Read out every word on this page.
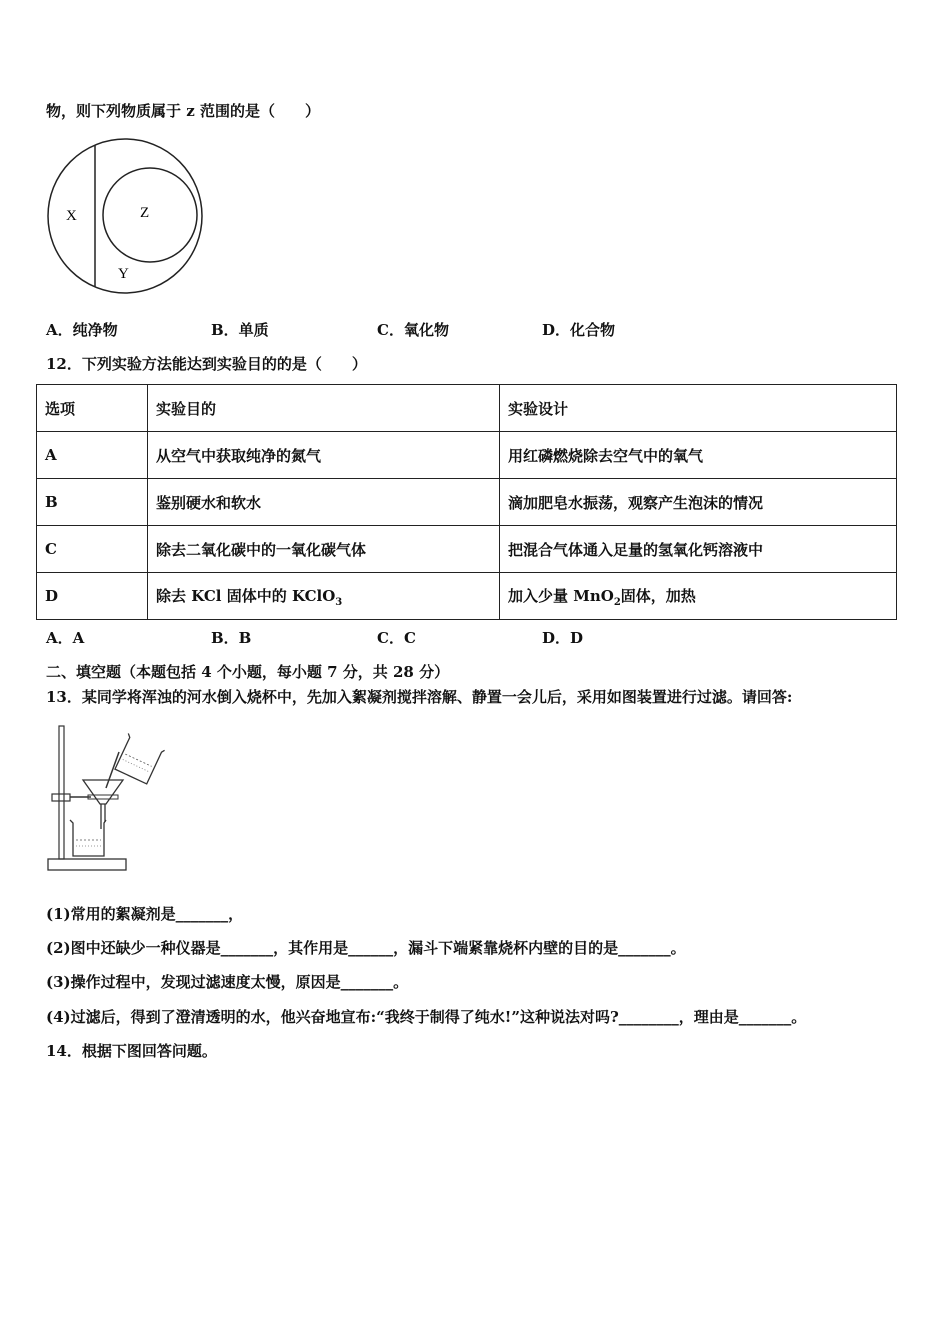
物，则下列物质属于 z 范围的是（　　）
X	Z
Y
A．纯净物	B．单质	C．氧化物	D．化合物
12．下列实验方法能达到实验目的的是（　　）
选项	实验目的	实验设计
A	从空气中获取纯净的氮气	用红磷燃烧除去空气中的氧气
B	鉴别硬水和软水	滴加肥皂水振荡，观察产生泡沫的情况
C	除去二氧化碳中的一氧化碳气体	把混合气体通入足量的氢氧化钙溶液中
D	除去 KCl 固体中的 KClO$_3$	加入少量 MnO$_2$固体，加热
A．A	B．B	C．C	D．D
二、填空题（本题包括 4 个小题，每小题 7 分，共 28 分）
13．某同学将浑浊的河水倒入烧杯中，先加入絮凝剂搅拌溶解、静置一会儿后，采用如图装置进行过滤。请回答:
(1)常用的絮凝剂是_______，
(2)图中还缺少一种仪器是_______，其作用是______，漏斗下端紧靠烧杯内壁的目的是_______。
(3)操作过程中，发现过滤速度太慢，原因是_______。
(4)过滤后，得到了澄清透明的水，他兴奋地宣布:“我终于制得了纯水!”这种说法对吗?________，理由是_______。
14．根据下图回答问题。
